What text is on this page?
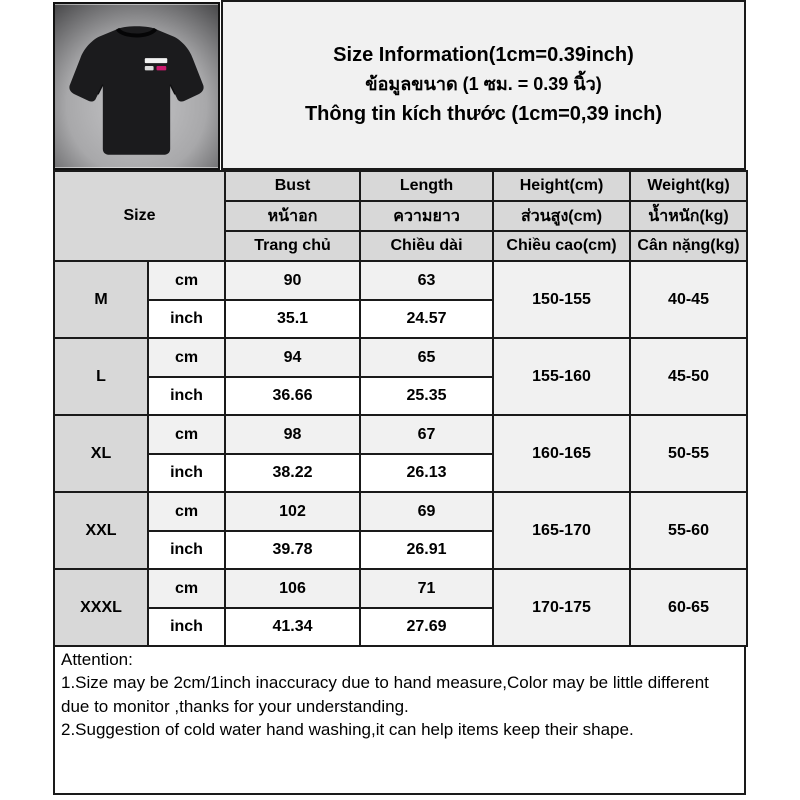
Size Information(1cm=0.39inch)
ข้อมูลขนาด (1 ซม. = 0.39 นิ้ว)
Thông tin kích thước (1cm=0,39 inch)
Size		Bust	Length	Height(cm)	Weight(kg)
		หน้าอก	ความยาว	ส่วนสูง(cm)	น้ำหนัก(kg)
		Trang chủ	Chiều dài	Chiều cao(cm)	Cân nặng(kg)
M	cm	90	63	150-155	40-45
	inch	35.1	24.57		
L	cm	94	65	155-160	45-50
	inch	36.66	25.35		
XL	cm	98	67	160-165	50-55
	inch	38.22	26.13		
XXL	cm	102	69	165-170	55-60
	inch	39.78	26.91		
XXXL	cm	106	71	170-175	60-65
	inch	41.34	27.69		

Attention:

1.Size may be 2cm/1inch inaccuracy due to hand measure,Color may be little different due to monitor ,thanks for your understanding.

2.Suggestion of cold water hand washing,it can help items keep their shape.
